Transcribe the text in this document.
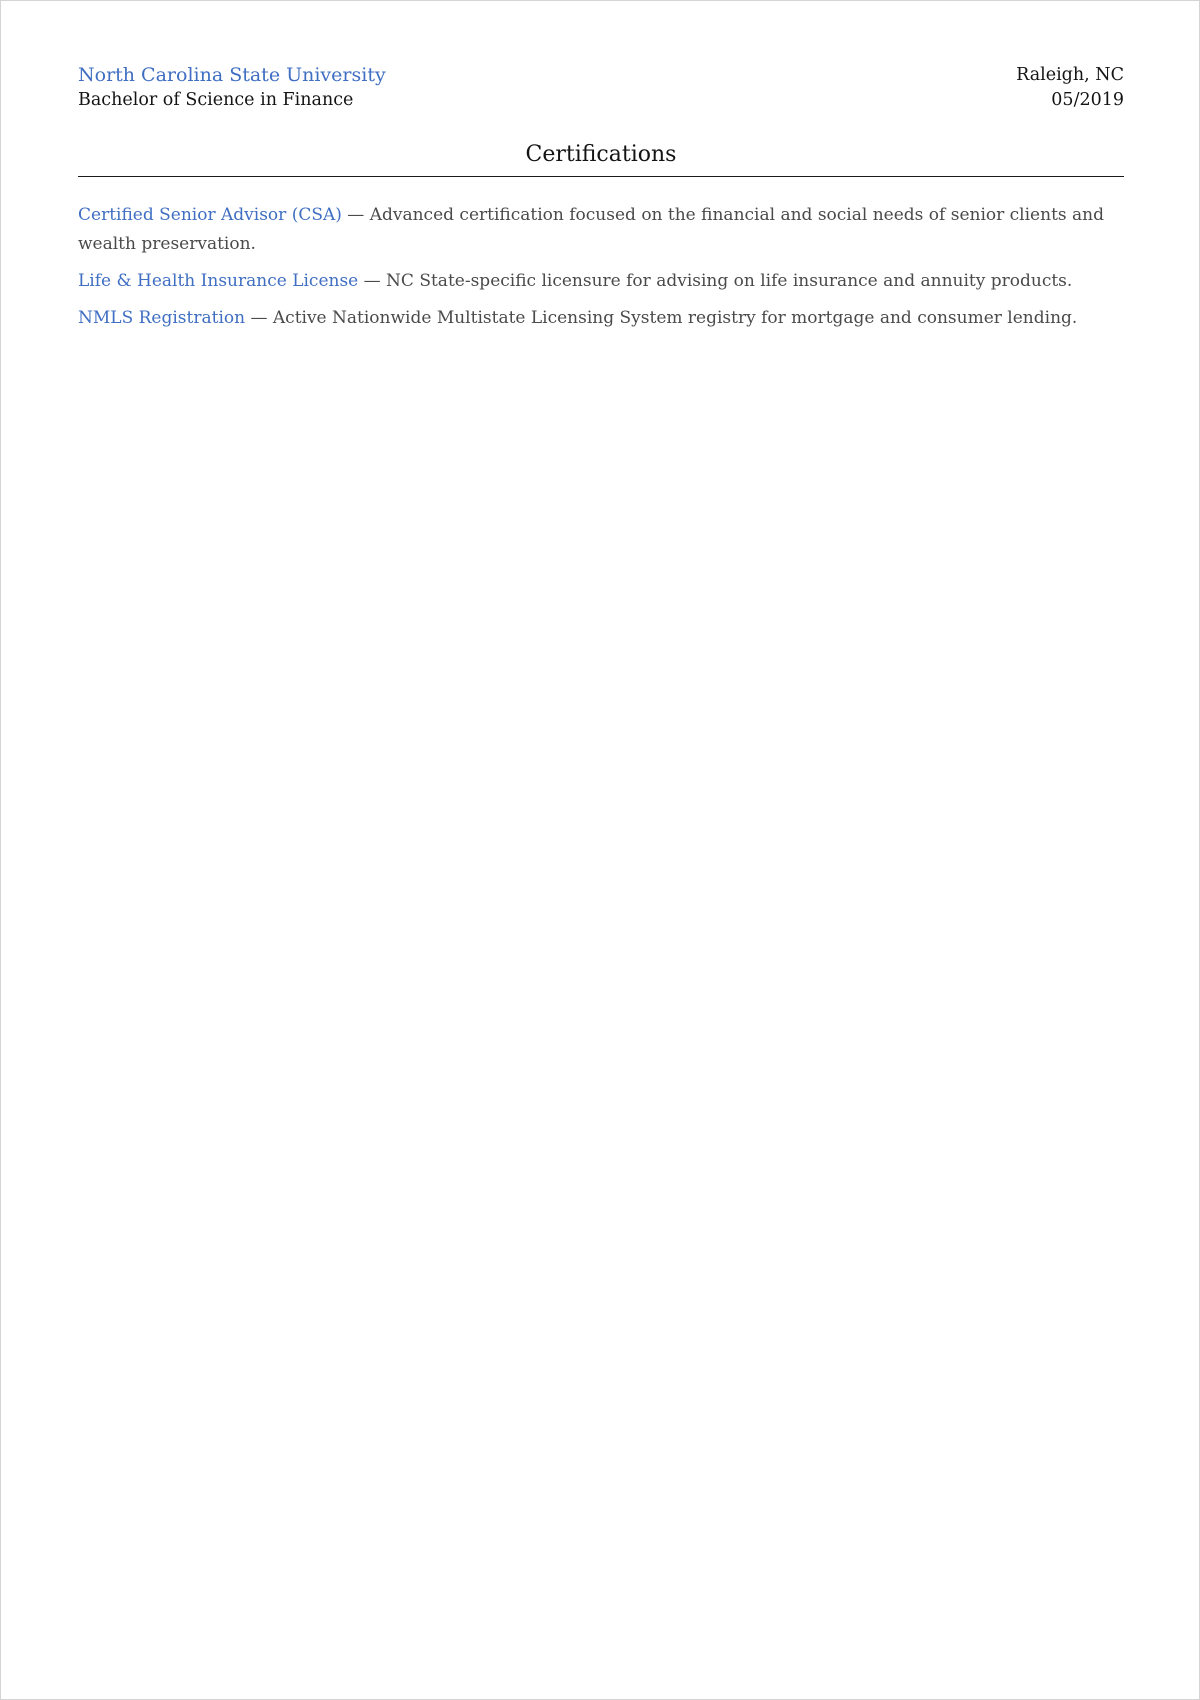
North Carolina State University
Bachelor of Science in Finance
Raleigh, NC
05/2019
Certifications
Certified Senior Advisor (CSA) — Advanced certification focused on the financial and social needs of senior clients and wealth preservation.
Life & Health Insurance License — NC State-specific licensure for advising on life insurance and annuity products.
NMLS Registration — Active Nationwide Multistate Licensing System registry for mortgage and consumer lending.
